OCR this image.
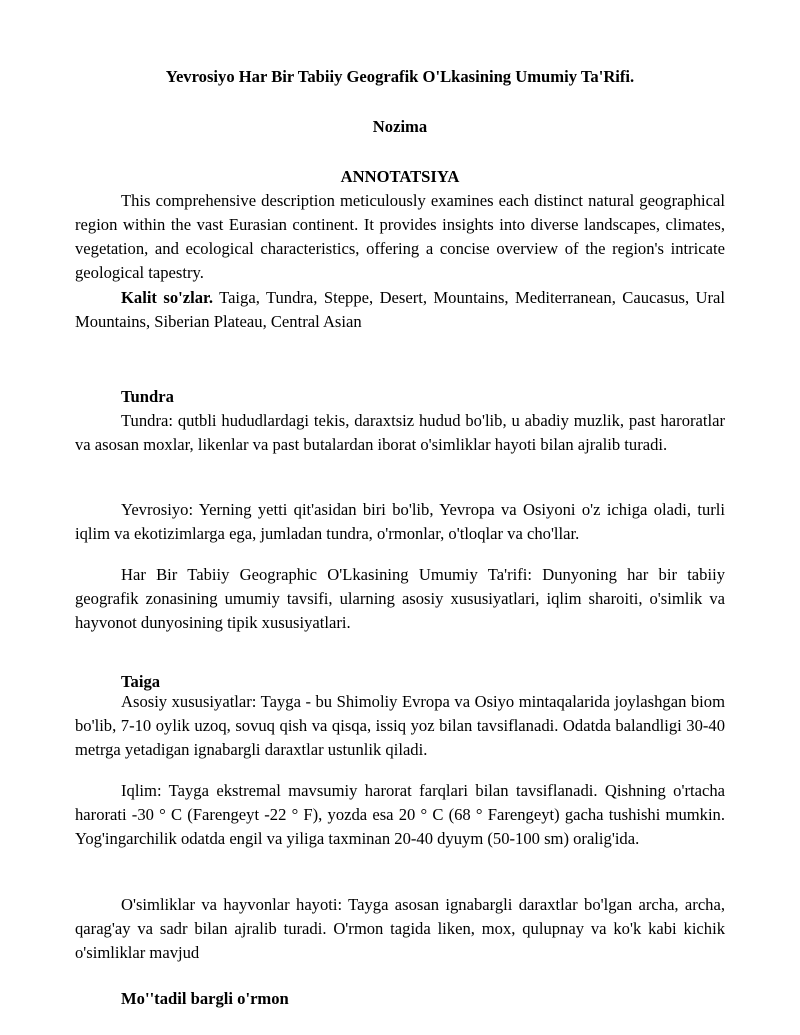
Yevrosiyo Har Bir Tabiiy Geografik O'Lkasining Umumiy Ta'Rifi.
Nozima
ANNOTATSIYA

This comprehensive description meticulously examines each distinct natural geographical region within the vast Eurasian continent. It provides insights into diverse landscapes, climates, vegetation, and ecological characteristics, offering a concise overview of the region's intricate geological tapestry.

Kalit so'zlar. Taiga, Tundra, Steppe, Desert, Mountains, Mediterranean, Caucasus, Ural Mountains, Siberian Plateau, Central Asian

Tundra

Tundra: qutbli hududlardagi tekis, daraxtsiz hudud bo'lib, u abadiy muzlik, past haroratlar va asosan moxlar, likenlar va past butalardan iborat o'simliklar hayoti bilan ajralib turadi.

Yevrosiyo: Yerning yetti qit'asidan biri bo'lib, Yevropa va Osiyoni o'z ichiga oladi, turli iqlim va ekotizimlarga ega, jumladan tundra, o'rmonlar, o'tloqlar va cho'llar.

Har Bir Tabiiy Geographic O'Lkasining Umumiy Ta'rifi: Dunyoning har bir tabiiy geografik zonasining umumiy tavsifi, ularning asosiy xususiyatlari, iqlim sharoiti, o'simlik va hayvonot dunyosining tipik xususiyatlari.

Taiga

Asosiy xususiyatlar: Tayga - bu Shimoliy Evropa va Osiyo mintaqalarida joylashgan biom bo'lib, 7-10 oylik uzoq, sovuq qish va qisqa, issiq yoz bilan tavsiflanadi. Odatda balandligi 30-40 metrga yetadigan ignabargli daraxtlar ustunlik qiladi.

Iqlim: Tayga ekstremal mavsumiy harorat farqlari bilan tavsiflanadi. Qishning o'rtacha harorati -30 ° C (Farengeyt -22 ° F), yozda esa 20 ° C (68 ° Farengeyt) gacha tushishi mumkin. Yog'ingarchilik odatda engil va yiliga taxminan 20-40 dyuym (50-100 sm) oralig'ida.

O'simliklar va hayvonlar hayoti: Tayga asosan ignabargli daraxtlar bo'lgan archa, archa, qarag'ay va sadr bilan ajralib turadi. O'rmon tagida liken, mox, qulupnay va ko'k kabi kichik o'simliklar mavjud

Mo''tadil bargli o'rmon
